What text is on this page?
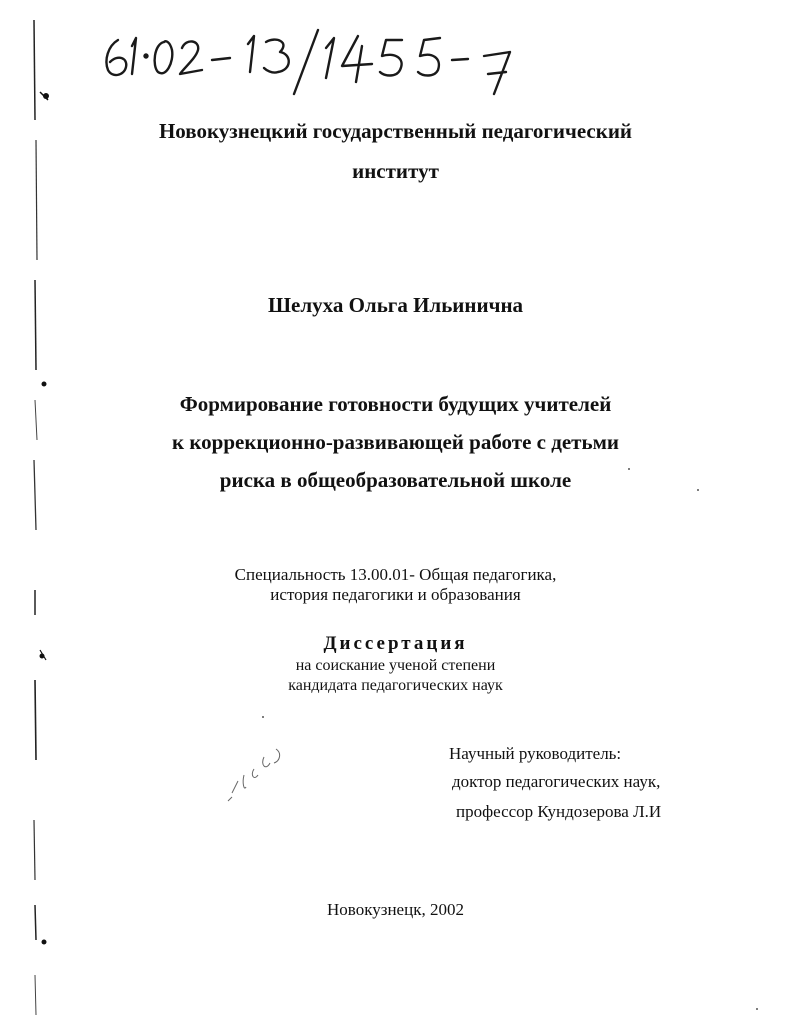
Новокузнецкий государственный педагогический
институт
Шелуха Ольга Ильинична
Формирование готовности будущих учителей
к коррекционно-развивающей работе с детьми
риска в общеобразовательной школе
Специальность 13.00.01- Общая педагогика,
история педагогики и образования
Диссертация
на соискание ученой степени
кандидата педагогических наук
Научный руководитель:
доктор педагогических наук,
профессор Кундозерова Л.И
Новокузнецк, 2002
